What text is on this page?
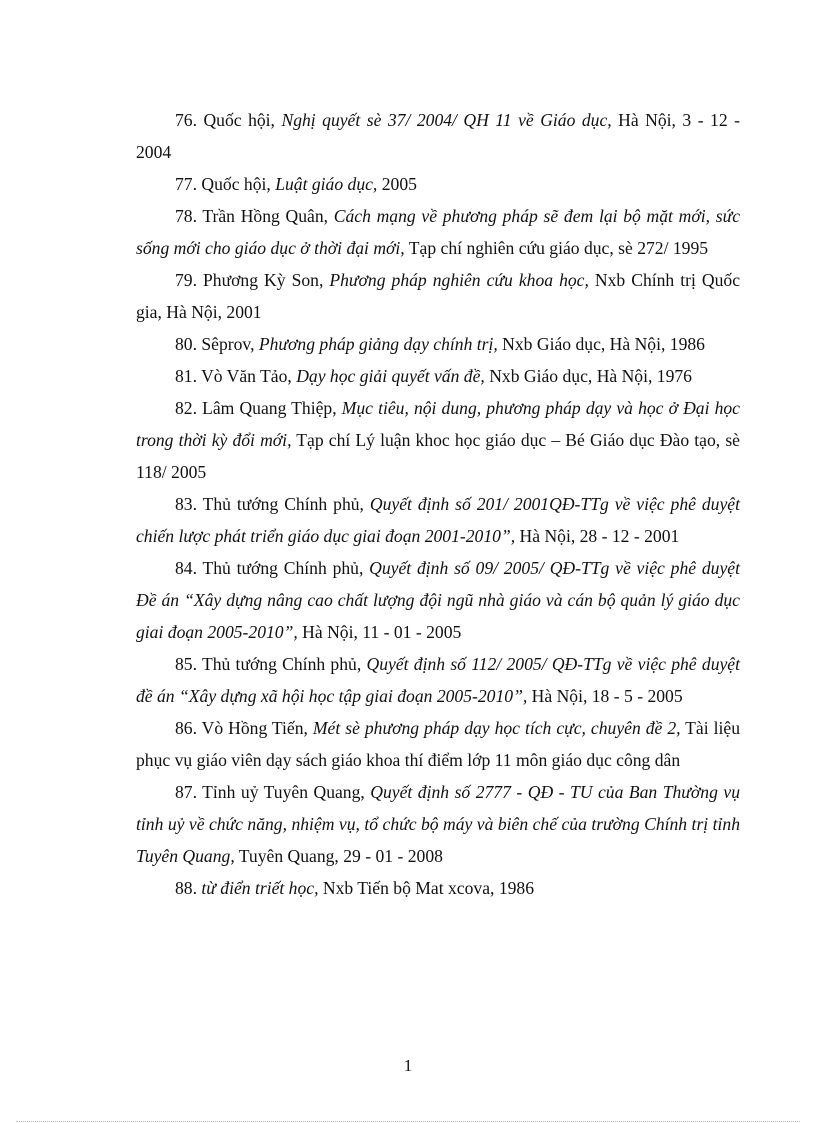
76. Quốc hội, Nghị quyết sè 37/ 2004/ QH 11 về Giáo dục, Hà Nội, 3 - 12 - 2004

77. Quốc hội, Luật giáo dục, 2005

78. Trần Hồng Quân, Cách mạng về phương pháp sẽ đem lại bộ mặt mới, sức sống mới cho giáo dục ở thời đại mới, Tạp chí nghiên cứu giáo dục, sè 272/ 1995

79. Phương Kỳ Son, Phương pháp nghiên cứu khoa học, Nxb Chính trị Quốc gia, Hà Nội, 2001

80. Sêprov, Phương pháp giảng dạy chính trị, Nxb Giáo dục, Hà Nội, 1986

81. Vò Văn Tảo, Dạy học giải quyết vấn đề, Nxb Giáo dục, Hà Nội, 1976

82. Lâm Quang Thiệp, Mục tiêu, nội dung, phương pháp dạy và học ở Đại học trong thời kỳ đổi mới, Tạp chí Lý luận khoc học giáo dục – Bé Giáo dục Đào tạo, sè 118/ 2005

83. Thủ tướng Chính phủ, Quyết định số 201/ 2001QĐ-TTg về việc phê duyệt chiến lược phát triển giáo dục giai đoạn 2001-2010”, Hà Nội, 28 - 12 - 2001

84. Thủ tướng Chính phủ, Quyết định số 09/ 2005/ QĐ-TTg về việc phê duyệt Đề án “Xây dựng nâng cao chất lượng đội ngũ nhà giáo và cán bộ quản lý giáo dục giai đoạn 2005-2010”, Hà Nội, 11 - 01 - 2005

85. Thủ tướng Chính phủ, Quyết định số 112/ 2005/ QĐ-TTg về việc phê duyệt đề án “Xây dựng xã hội học tập giai đoạn 2005-2010”, Hà Nội, 18 - 5 - 2005

86. Vò Hồng Tiến, Mét sè phương pháp dạy học tích cực, chuyên đề 2, Tài liệu phục vụ giáo viên dạy sách giáo khoa thí điểm lớp 11 môn giáo dục công dân

87. Tỉnh uỷ Tuyên Quang, Quyết định số 2777 - QĐ - TU của Ban Thường vụ tỉnh uỷ về chức năng, nhiệm vụ, tổ chức bộ máy và biên chế của trường Chính trị tỉnh Tuyên Quang, Tuyên Quang, 29 - 01 - 2008

88. từ điển triết học, Nxb Tiến bộ Mat xcova, 1986

1
